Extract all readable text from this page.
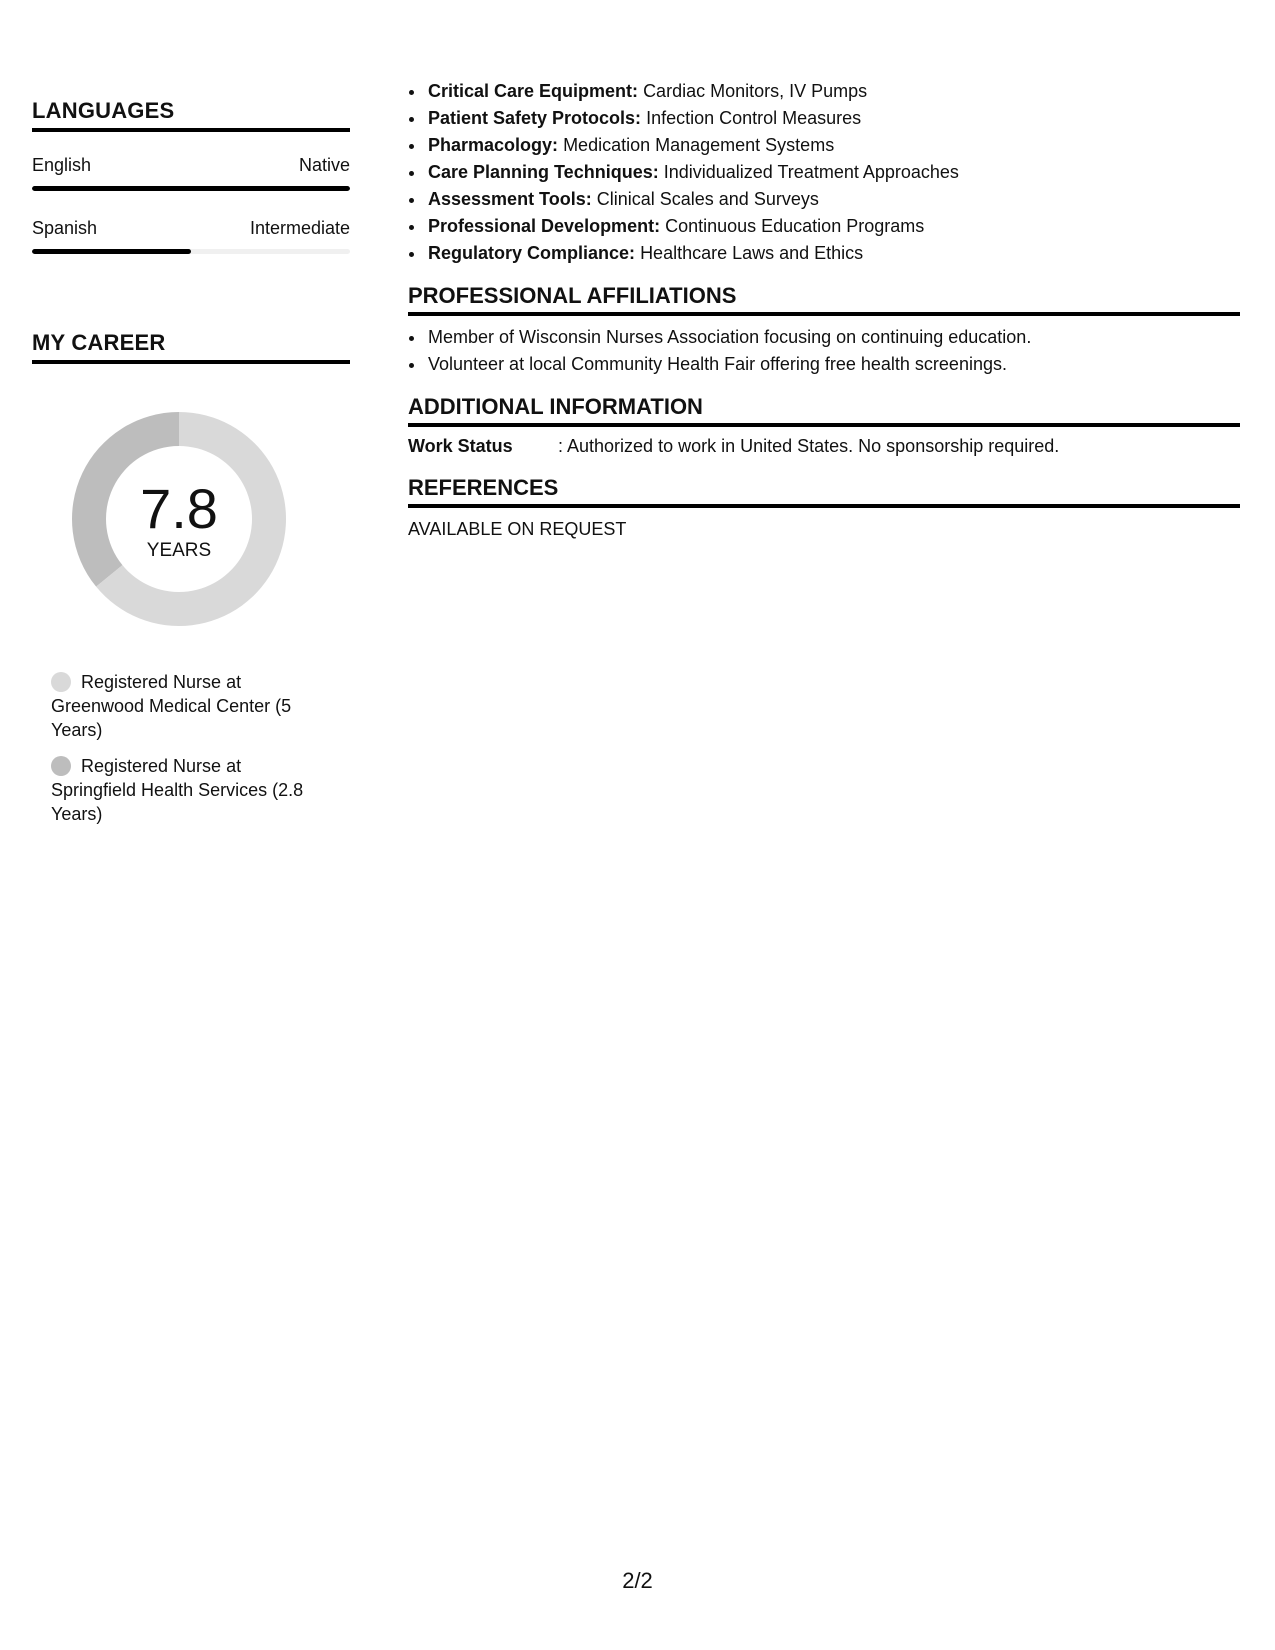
LANGUAGES
English	Native
Spanish	Intermediate
MY CAREER
7.8
YEARS
Registered Nurse at Greenwood Medical Center (5 Years)
Registered Nurse at Springfield Health Services (2.8 Years)
• Critical Care Equipment: Cardiac Monitors, IV Pumps
• Patient Safety Protocols: Infection Control Measures
• Pharmacology: Medication Management Systems
• Care Planning Techniques: Individualized Treatment Approaches
• Assessment Tools: Clinical Scales and Surveys
• Professional Development: Continuous Education Programs
• Regulatory Compliance: Healthcare Laws and Ethics
PROFESSIONAL AFFILIATIONS
• Member of Wisconsin Nurses Association focusing on continuing education.
• Volunteer at local Community Health Fair offering free health screenings.
ADDITIONAL INFORMATION
Work Status	: Authorized to work in United States. No sponsorship required.
REFERENCES
AVAILABLE ON REQUEST
2/2
